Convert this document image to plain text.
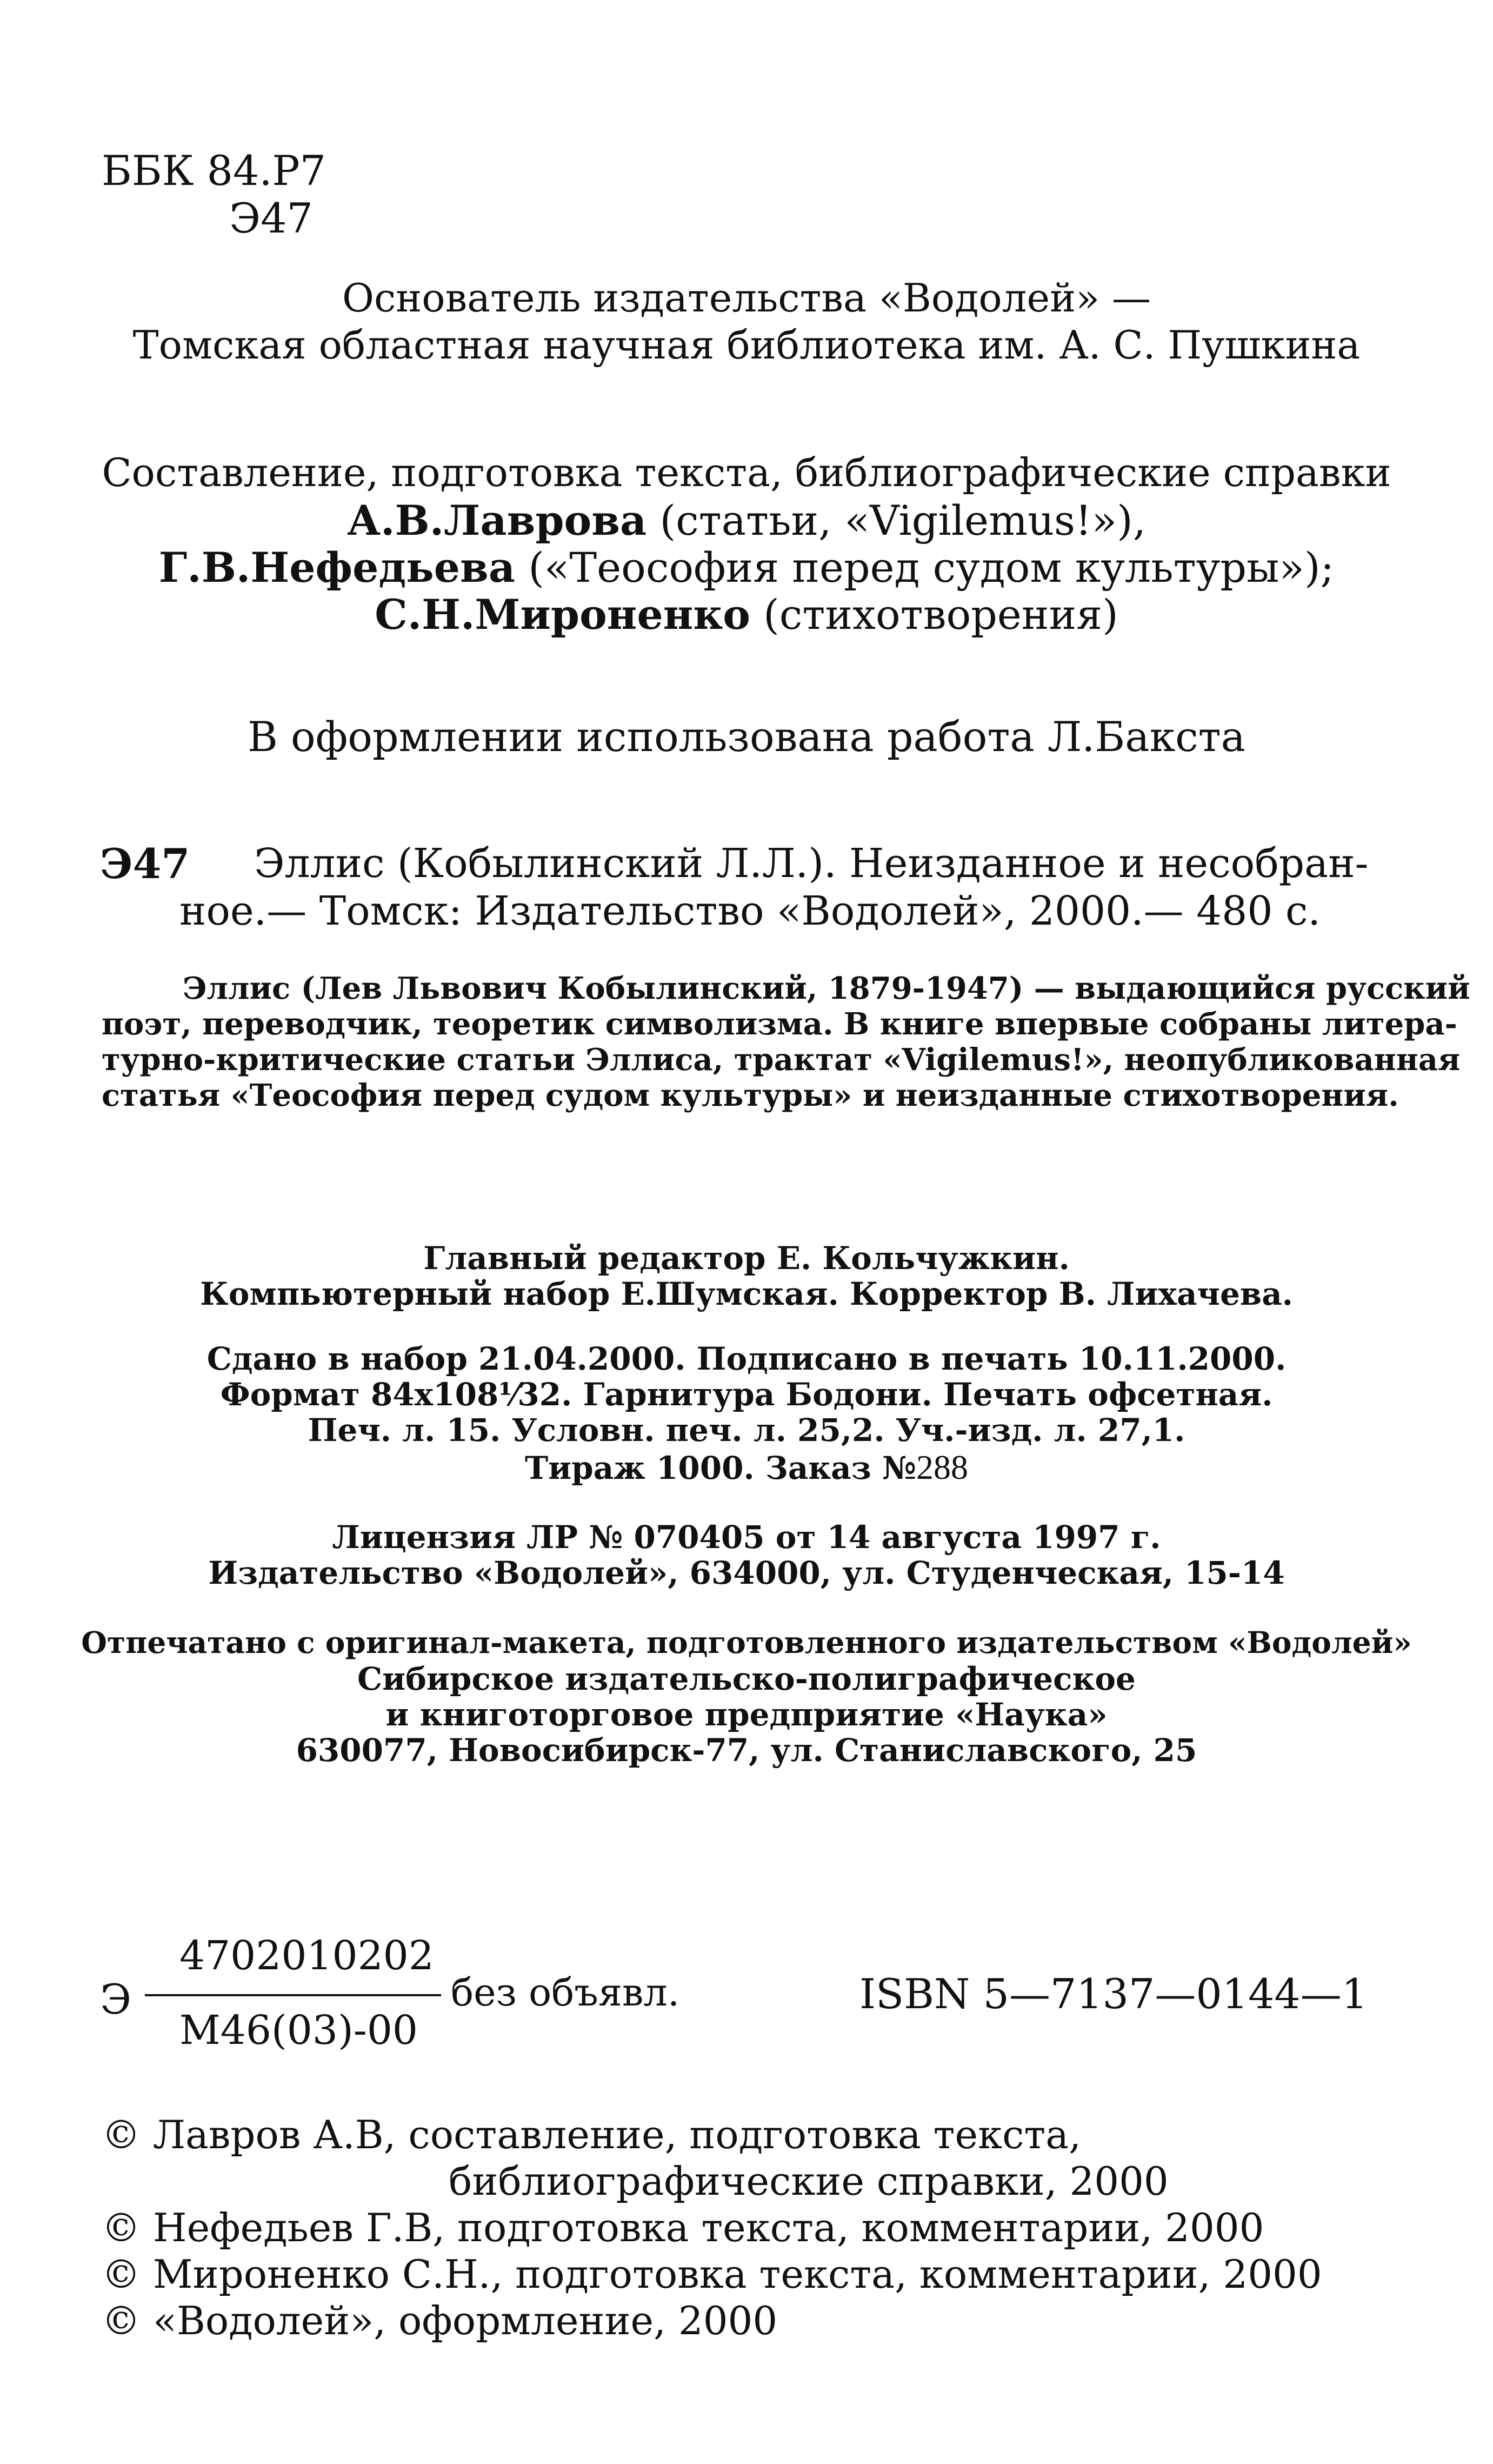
ББК 84.Р7
Э47
Основатель издательства «Водолей» —
Томская областная научная библиотека им. А. С. Пушкина
Составление, подготовка текста, библиографические справки
А.В.Лаврова (статьи, «Vigilemus!»),
Г.В.Нефедьева («Теософия перед судом культуры»);
С.Н.Мироненко (стихотворения)
В оформлении использована работа Л.Бакста
Э47 Эллис (Кобылинский Л.Л.). Неизданное и несобран-
ное.— Томск: Издательство «Водолей», 2000.— 480 с.
Эллис (Лев Львович Кобылинский, 1879-1947) — выдающийся русский
поэт, переводчик, теоретик символизма. В книге впервые собраны литера-
турно-критические статьи Эллиса, трактат «Vigilemus!», неопубликованная
статья «Теософия перед судом культуры» и неизданные стихотворения.
Главный редактор Е. Кольчужкин.
Компьютерный набор Е.Шумская. Корректор В. Лихачева.
Сдано в набор 21.04.2000. Подписано в печать 10.11.2000.
Формат 84х108¹⁄32. Гарнитура Бодони. Печать офсетная.
Печ. л. 15. Условн. печ. л. 25,2. Уч.-изд. л. 27,1.
Тираж 1000. Заказ №288
Лицензия ЛР № 070405 от 14 августа 1997 г.
Издательство «Водолей», 634000, ул. Студенческая, 15-14
Отпечатано с оригинал-макета, подготовленного издательством «Водолей»
Сибирское издательско-полиграфическое
и книготорговое предприятие «Наука»
630077, Новосибирск-77, ул. Станиславского, 25
Э
4702010202
М46(03)-00
без объявл.	ISBN 5—7137—0144—1
© Лавров А.В, составление, подготовка текста,
библиографические справки, 2000
© Нефедьев Г.В, подготовка текста, комментарии, 2000
© Мироненко С.Н., подготовка текста, комментарии, 2000
© «Водолей», оформление, 2000
